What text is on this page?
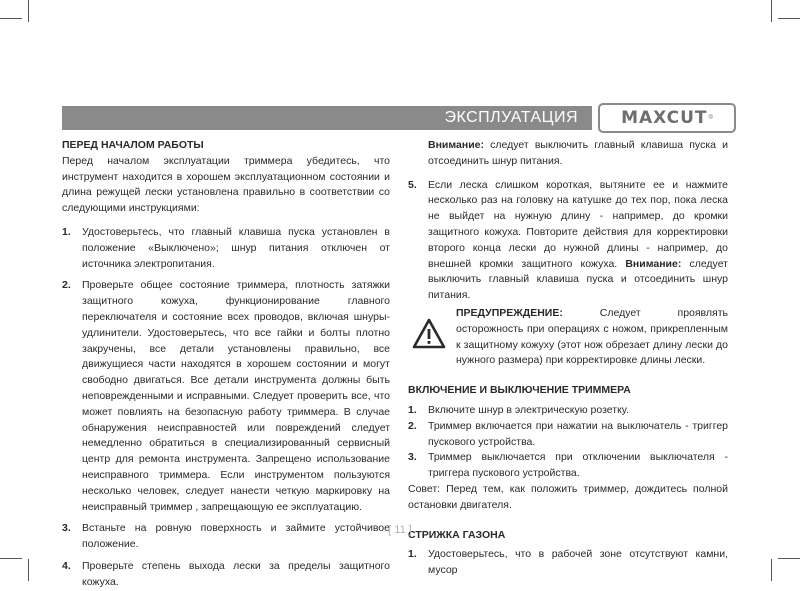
ЭКСПЛУАТАЦИЯ	MAXCUT ®

ПЕРЕД НАЧАЛОМ РАБОТЫ

Перед началом эксплуатации триммера убедитесь, что инструмент находится в хорошем эксплуатационном состоянии и длина режущей лески установлена правильно в соответствии со следующими инструкциями:

1. Удостоверьтесь, что главный клавиша пуска установлен в положение «Выключено»; шнур питания отключен от источника электропитания.
2. Проверьте общее состояние триммера, плотность затяжки защитного кожуха, функционирование главного переключателя и состояние всех проводов, включая шнуры-удлинители. Удостоверьтесь, что все гайки и болты плотно закручены, все детали установлены правильно, все движущиеся части находятся в хорошем состоянии и могут свободно двигаться. Все детали инструмента должны быть неповрежденными и исправными. Следует проверить все, что может повлиять на безопасную работу триммера. В случае обнаружения неисправностей или повреждений следует немедленно обратиться в специализированный сервисный центр для ремонта инструмента. Запрещено использование неисправного триммера. Если инструментом пользуются несколько человек, следует нанести четкую маркировку на неисправный триммер , запрещающую ее эксплуатацию.
3. Встаньте на ровную поверхность и займите устойчивое положение.
4. Проверьте степень выхода лески за пределы защитного кожуха.

Внимание: следует выключить главный клавиша пуска и отсоединить шнур питания.

5. Если леска слишком короткая, вытяните ее и нажмите несколько раз на головку на катушке до тех пор, пока леска не выйдет на нужную длину - например, до кромки защитного кожуха. Повторите действия для корректировки второго конца лески до нужной длины - например, до внешней кромки защитного кожуха. Внимание: следует выключить главный клавиша пуска и отсоединить шнур питания.
ПРЕДУПРЕЖДЕНИЕ: Следует проявлять осторожность при операциях с ножом, прикрепленным к защитному кожуху (этот нож обрезает длину лески до нужного размера) при корректировке длины лески.

ВКЛЮЧЕНИЕ И ВЫКЛЮЧЕНИЕ ТРИММЕРА

1. Включите шнур в электрическую розетку.
2. Триммер включается при нажатии на выключатель - триггер пускового устройства.
3. Триммер выключается при отключении выключателя - триггера пускового устройства.

Совет: Перед тем, как положить триммер, дождитесь полной остановки двигателя.

СТРИЖКА ГАЗОНА

1. Удостоверьтесь, что в рабочей зоне отсутствуют камни, мусор
[ 11 ]
